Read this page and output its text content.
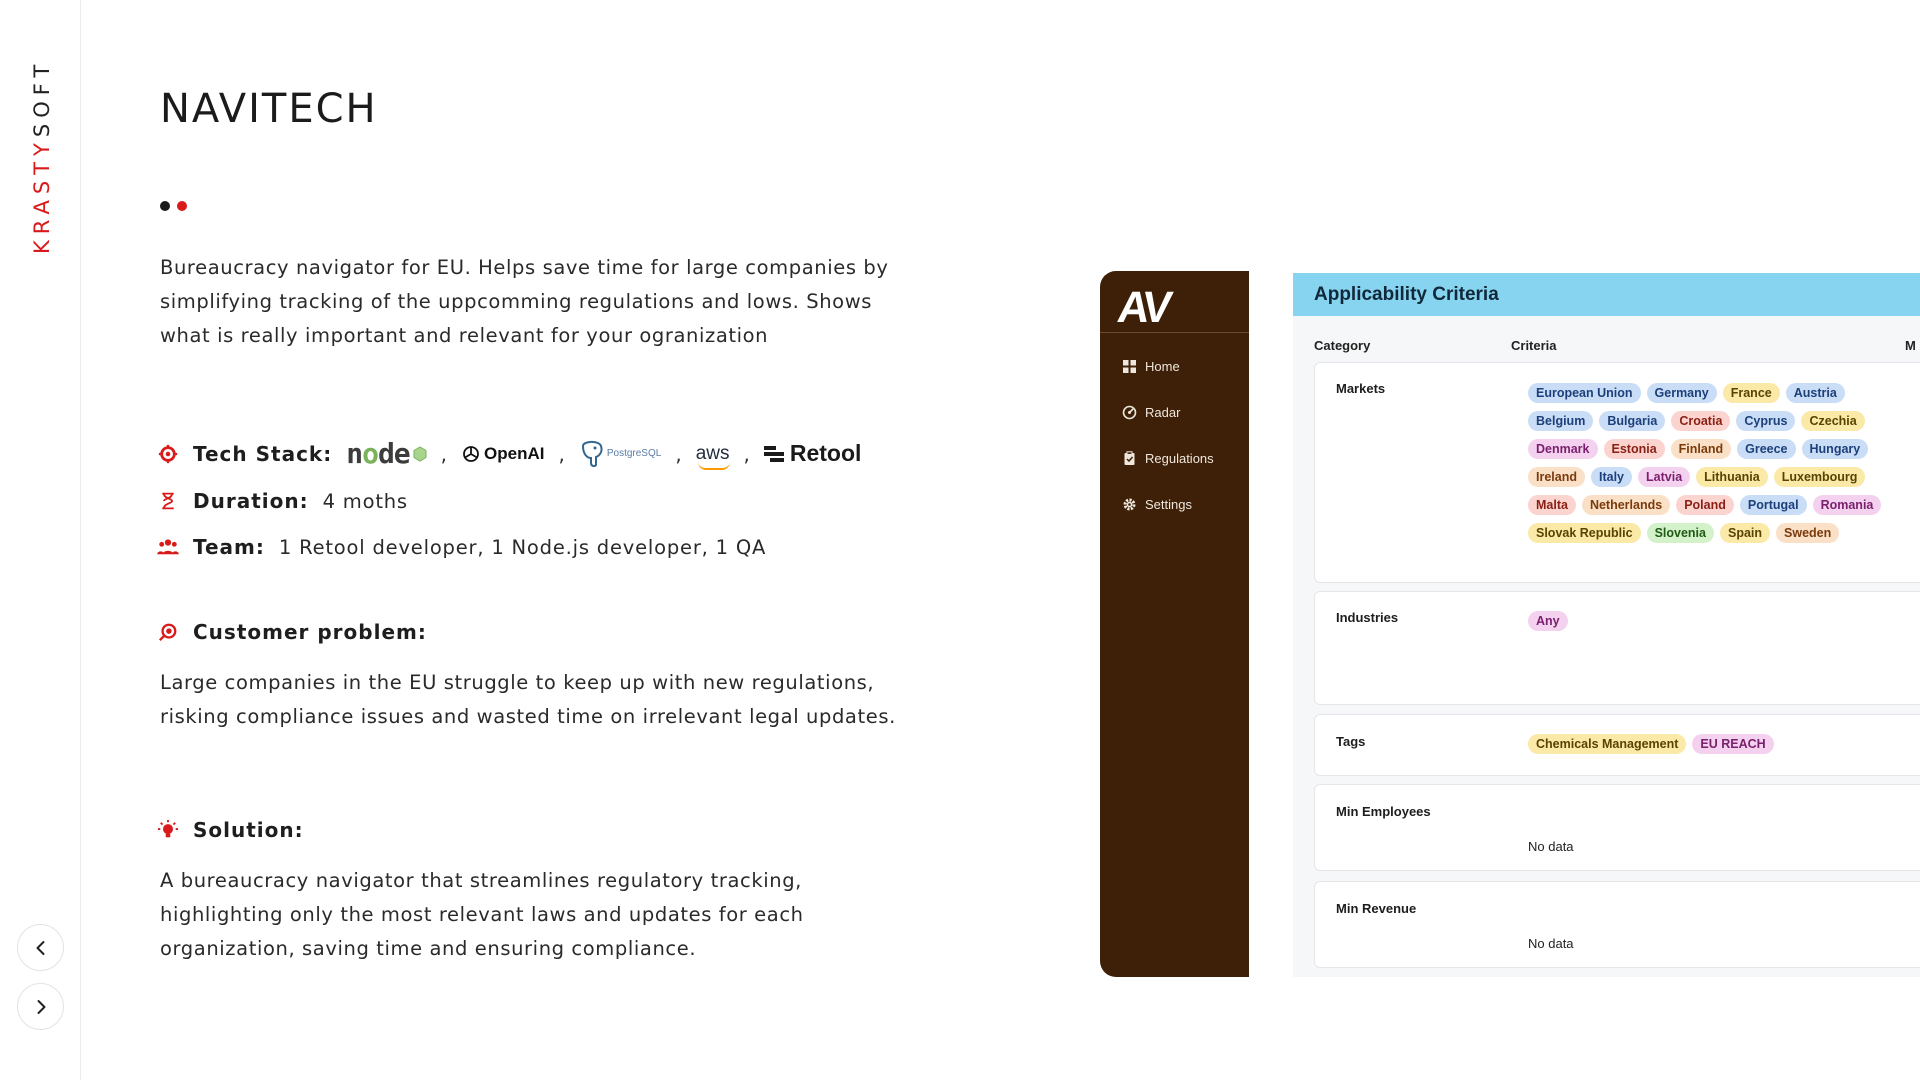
KRASTYSOFT	NAVITECH

Bureaucracy navigator for EU. Helps save time for large companies by simplifying tracking of the uppcomming regulations and lows. Shows what is really important and relevant for your ogranization

Tech Stack: n o de , OpenAI ,	PostgreSQL , aws , Retool
Duration: 4 moths
Team: 1 Retool developer, 1 Node.js developer, 1 QA
Customer problem:

Large companies in the EU struggle to keep up with new regulations, risking compliance issues and wasted time on irrelevant legal updates.

Solution:

A bureaucracy navigator that streamlines regulatory tracking, highlighting only the most relevant laws and updates for each organization, saving time and ensuring compliance.

AV
Home
Radar
Regulations
Settings
Applicability Criteria
Category	Criteria	M
Markets	European Union	Germany	France	Austria
Belgium	Bulgaria	Croatia	Cyprus	Czechia
Denmark	Estonia	Finland	Greece	Hungary
Ireland	Italy	Latvia	Lithuania	Luxembourg
Malta	Netherlands	Poland	Portugal	Romania
Slovak Republic	Slovenia	Spain	Sweden
Industries	Any
Tags	Chemicals Management	EU REACH
Min Employees
No data
Min Revenue
No data
